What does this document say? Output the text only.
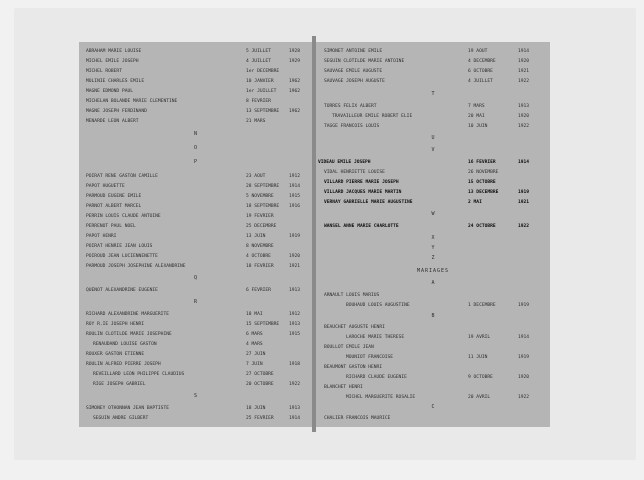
ABRAHAM MARIE LOUISE	5 JUILLET	1928
MICHEL EMILE JOSEPH	4 JUILLET	1929
MICHEL ROBERT	1er DECEMBRE
MOLINIE CHARLES EMILE	10 JANVIER	1962
MAGNE EDMOND PAUL	1er JUILLET	1962
MICHELAN BOLANDE MARIE CLEMENTINE	8 FEVRIER
MAGNE JOSEPH FERDINAND	13 SEPTEMBRE 1962
MENARDE LEON ALBERT	21 MARS
N
O
P
POIRAT RENE GASTON CAMILLE	23 AOUT	1912
PAPOT HUGUETTE	28 SEPTEMBRE 1914
PARMOUD EUGENE EMILE	5 NOVEMBRE	1915
PARNOT ALBERT MARCEL	18 SEPTEMBRE 1916
PERRIN LOUIS CLAUDE ANTOINE	19 FEVRIER
PERRENOT PAUL NOEL	25 DECEMBRE
PAPOT HENRI	13 JUIN	1919
POIRAT HENRIE JEAN LOUIS	8 NOVEMBRE
POIROUD JEAN LUCIENNENETTE	4 OCTOBRE	1920
PARMOUD JOSEPH JOSEPHINE ALEXANDRINE	18 FEVRIER	1921
Q
QUENOT ALEXANDRINE EUGENIE	6 FEVRIER	1913
R
RICHARD ALEXANDRINE MARGUERITE	18 MAI	1912
ROY R.IE JOSEPH HENRI	15 SEPTEMBRE 1913
ROULIN CLOTILDE MARIE JOSEPHINE	6 MARS	1915
RENAUDAND LOUISE GASTON	4 MARS
ROUXER GASTON ETIENNE	27 JUIN
ROULIN ALFRED PIERRE JOSEPH	7 JUIN	1918
REVEILLARD LEON PHILIPPE CLAUDIUS	27 OCTOBRE
RIGE JOSEPH GABRIEL	20 OCTOBRE	1922
S
SIMONEY OTHONNAN JEAN BAPTISTE	18 JUIN	1913
SEGUIN ANDRE GILBERT	25 FEVRIER	1914
SIMONET ANTOINE EMILE	19 AOUT	1914
SEGUIN CLOTILDE MARIE ANTOINE	4 DECEMBRE	1920
SAUVAGE EMILE AUGUSTE	6 OCTOBRE	1921
SAUVAGE JOSEPH AUGUSTE	4 JUILLET	1922
T
TORRES FELIX ALBERT	7 MARS	1913
TRAVAILLEUR EMILE ROBERT ELIE	20 MAI	1920
TAGGE FRANCOIS LOUIS	10 JUIN	1922
U
V
VIDEAU EMILE JOSEPH	16 FEVRIER	1914
VIDAL HENRIETTE LOUISE	26 NOVEMBRE
VILLARD PIERRE MARIE JOSEPH	15 OCTOBRE
VILLARD JACQUES MARIE MARTIN	13 DECEMBRE	1919
VERNAY GABRIELLE MARIE AUGUSTINE	2 MAI	1921
W
WANSEL ANNE MARIE CHARLOTTE	24 OCTOBRE	1922
X
Y
Z
MARIAGES
A
ARNAULT LOUIS MARIUS
BOUHAUD LOUIS AUGUSTINE	1 DECEMBRE	1919
B
BEAUCHET AUGUSTE HENRI
LAROCHE MARIE THERESE	19 AVRIL	1914
BOULLOT EMILE JEAN
MOUNIOT FRANCOISE	11 JUIN	1919
BEAUMONT GASTON HENRI
RICHARD CLAUDE EUGENIE	9 OCTOBRE	1920
BLANCHET HENRI
MICHEL MARGUERITE ROSALIE	20 AVRIL	1922
C
CHALIER FRANCOIS MAURICE
